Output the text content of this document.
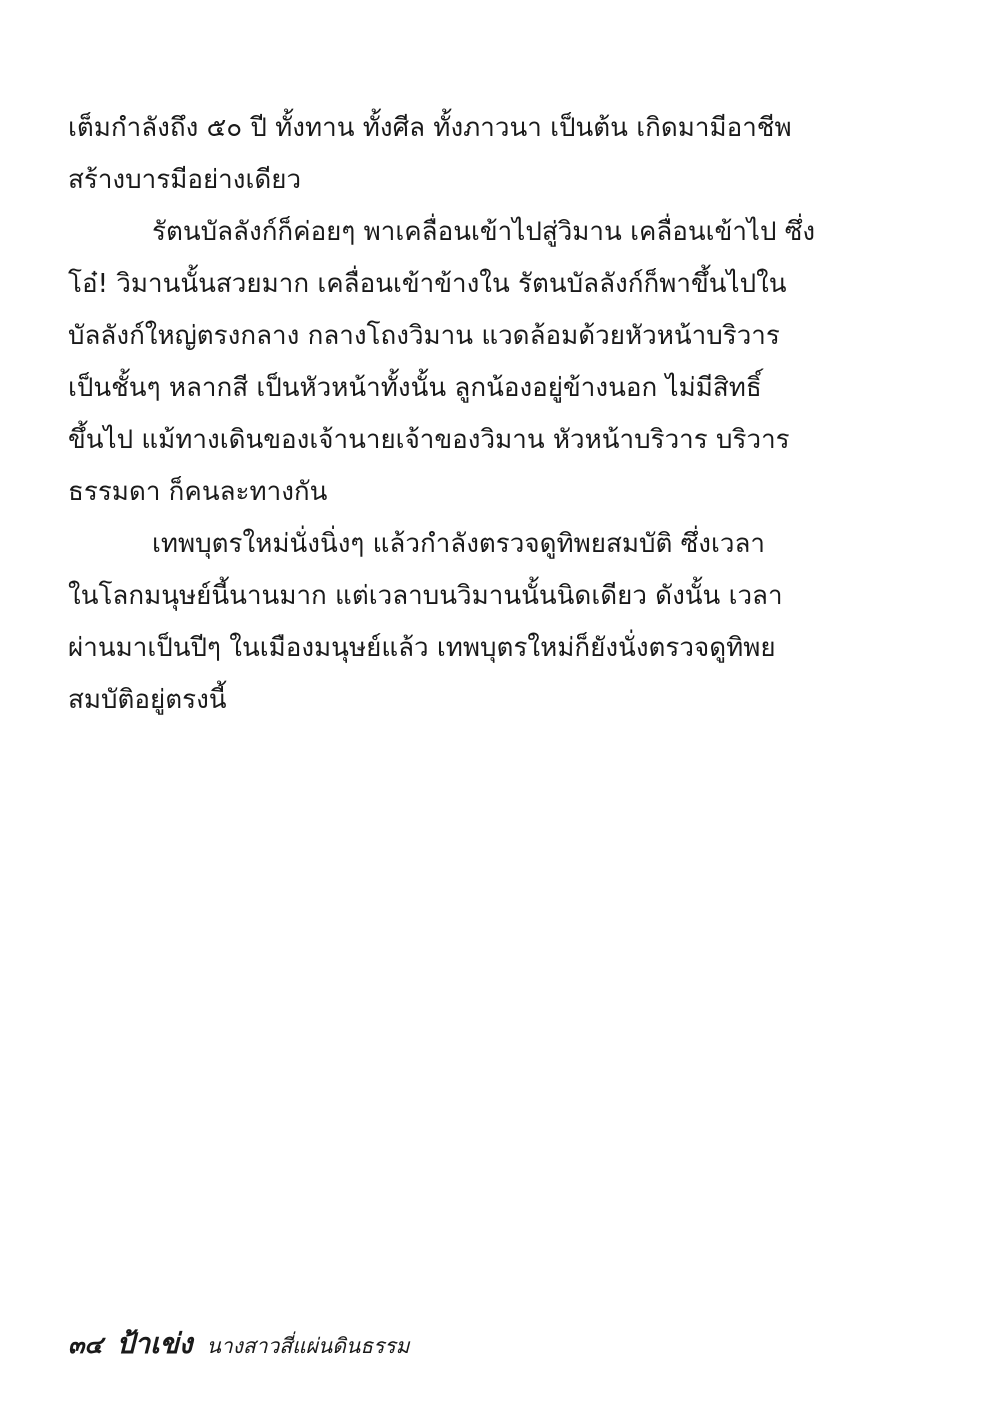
เต็มกำลังถึง ๕๐ ปี ทั้งทาน ทั้งศีล ทั้งภาวนา เป็นต้น เกิดมามีอาชีพ
สร้างบารมีอย่างเดียว
รัตนบัลลังก์ก็ค่อยๆ พาเคลื่อนเข้าไปสู่วิมาน เคลื่อนเข้าไป ซึ่ง
โอ๋! วิมานนั้นสวยมาก เคลื่อนเข้าข้างใน รัตนบัลลังก์ก็พาขึ้นไปใน
บัลลังก์ใหญ่ตรงกลาง กลางโถงวิมาน แวดล้อมด้วยหัวหน้าบริวาร
เป็นชั้นๆ หลากสี เป็นหัวหน้าทั้งนั้น ลูกน้องอยู่ข้างนอก ไม่มีสิทธิ์
ขึ้นไป แม้ทางเดินของเจ้านายเจ้าของวิมาน หัวหน้าบริวาร บริวาร
ธรรมดา ก็คนละทางกัน
เทพบุตรใหม่นั่งนิ่งๆ แล้วกำลังตรวจดูทิพยสมบัติ ซึ่งเวลา
ในโลกมนุษย์นี้นานมาก แต่เวลาบนวิมานนั้นนิดเดียว ดังนั้น เวลา
ผ่านมาเป็นปีๆ ในเมืองมนุษย์แล้ว เทพบุตรใหม่ก็ยังนั่งตรวจดูทิพย
สมบัติอยู่ตรงนี้
๓๔ ป้าเข่ง นางสาวสี่แผ่นดินธรรม
